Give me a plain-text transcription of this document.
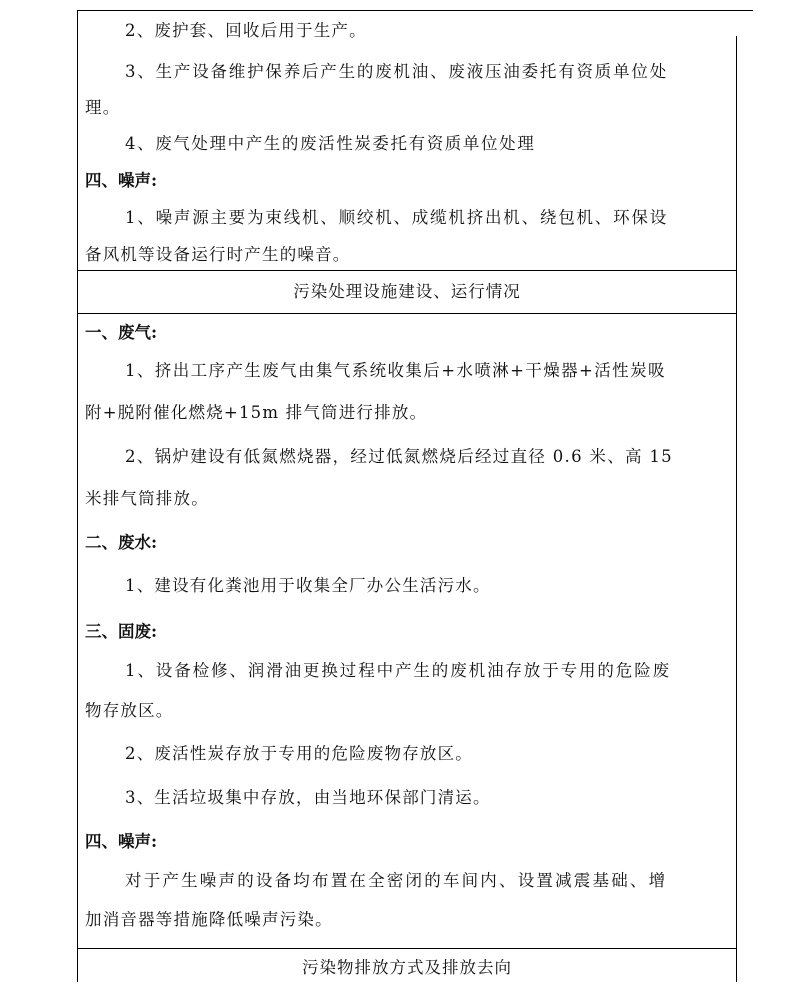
2、废护套、回收后用于生产。
3、生产设备维护保养后产生的废机油、废液压油委托有资质单位处
理。
4、废气处理中产生的废活性炭委托有资质单位处理
四、噪声:
1、噪声源主要为束线机、顺绞机、成缆机挤出机、绕包机、环保设
备风机等设备运行时产生的噪音。
污染处理设施建设、运行情况
一、废气:
1、挤出工序产生废气由集气系统收集后+水喷淋+干燥器+活性炭吸
附+脱附催化燃烧+15m 排气筒进行排放。
2、锅炉建设有低氮燃烧器，经过低氮燃烧后经过直径 0.6 米、高 15
米排气筒排放。
二、废水:
1、建设有化粪池用于收集全厂办公生活污水。
三、固废:
1、设备检修、润滑油更换过程中产生的废机油存放于专用的危险废
物存放区。
2、废活性炭存放于专用的危险废物存放区。
3、生活垃圾集中存放，由当地环保部门清运。
四、噪声:
对于产生噪声的设备均布置在全密闭的车间内、设置减震基础、增
加消音器等措施降低噪声污染。
污染物排放方式及排放去向
